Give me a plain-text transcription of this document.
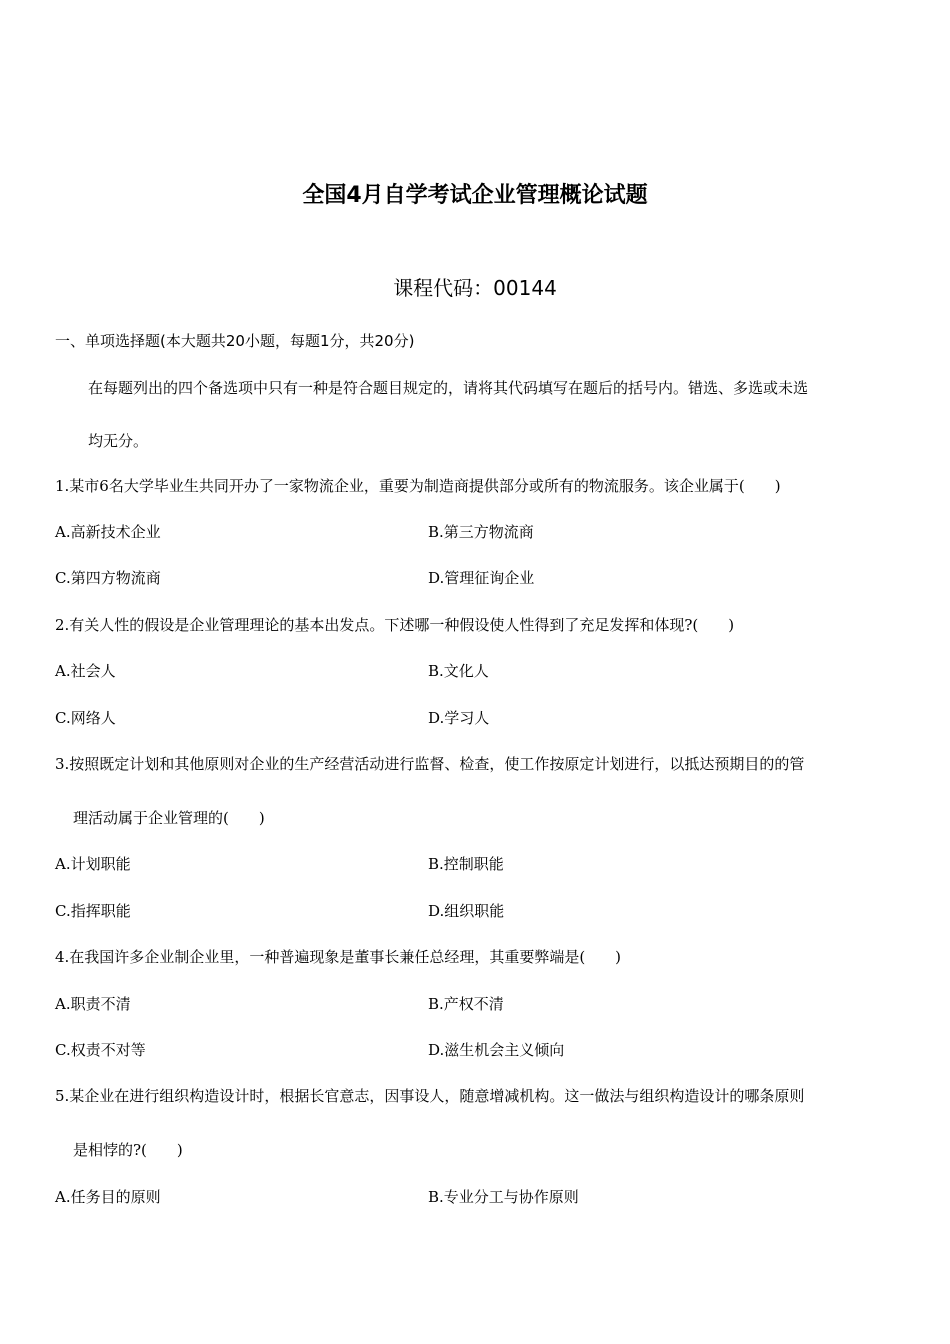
全国4月自学考试企业管理概论试题
课程代码：00144
一、单项选择题(本大题共20小题，每题1分，共20分)
在每题列出的四个备选项中只有一种是符合题目规定的，请将其代码填写在题后的括号内。错选、多选或未选
均无分。
1.某市6名大学毕业生共同开办了一家物流企业，重要为制造商提供部分或所有的物流服务。该企业属于(　　)
A.高新技术企业	B.第三方物流商
C.第四方物流商	D.管理征询企业
2.有关人性的假设是企业管理理论的基本出发点。下述哪一种假设使人性得到了充足发挥和体现?(　　)
A.社会人	B.文化人
C.网络人	D.学习人
3.按照既定计划和其他原则对企业的生产经营活动进行监督、检查，使工作按原定计划进行，以抵达预期目的的管
理活动属于企业管理的(　　)
A.计划职能	B.控制职能
C.指挥职能	D.组织职能
4.在我国许多企业制企业里，一种普遍现象是董事长兼任总经理，其重要弊端是(　　)
A.职责不清	B.产权不清
C.权责不对等	D.滋生机会主义倾向
5.某企业在进行组织构造设计时，根据长官意志，因事设人，随意增减机构。这一做法与组织构造设计的哪条原则
是相悖的?(　　)
A.任务目的原则	B.专业分工与协作原则
